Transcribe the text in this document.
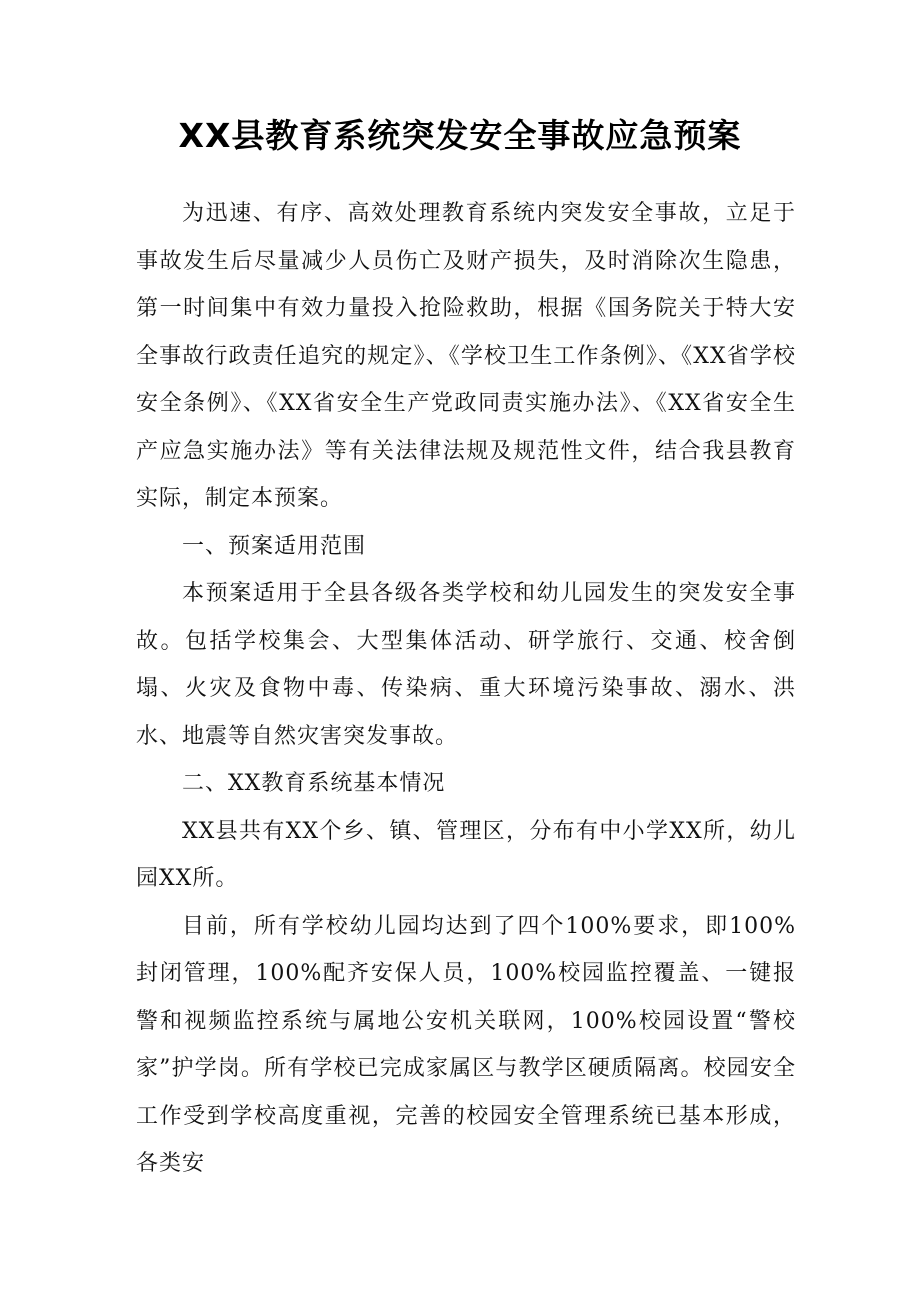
XX县教育系统突发安全事故应急预案

为迅速、有序、高效处理教育系统内突发安全事故，立足于事故发生后尽量减少人员伤亡及财产损失，及时消除次生隐患，第一时间集中有效力量投入抢险救助，根据《国务院关于特大安全事故行政责任追究的规定》、《学校卫生工作条例》、《XX省学校安全条例》、《XX省安全生产党政同责实施办法》、《XX省安全生产应急实施办法》等有关法律法规及规范性文件，结合我县教育实际，制定本预案。

一、预案适用范围

本预案适用于全县各级各类学校和幼儿园发生的突发安全事故。包括学校集会、大型集体活动、研学旅行、交通、校舍倒塌、火灾及食物中毒、传染病、重大环境污染事故、溺水、洪水、地震等自然灾害突发事故。

二、XX教育系统基本情况

XX县共有XX个乡、镇、管理区，分布有中小学XX所，幼儿园XX所。

目前，所有学校幼儿园均达到了四个100%要求，即100%封闭管理，100%配齐安保人员，100%校园监控覆盖、一键报警和视频监控系统与属地公安机关联网，100%校园设置“警校家”护学岗。所有学校已完成家属区与教学区硬质隔离。校园安全工作受到学校高度重视，完善的校园安全管理系统已基本形成，各类安
